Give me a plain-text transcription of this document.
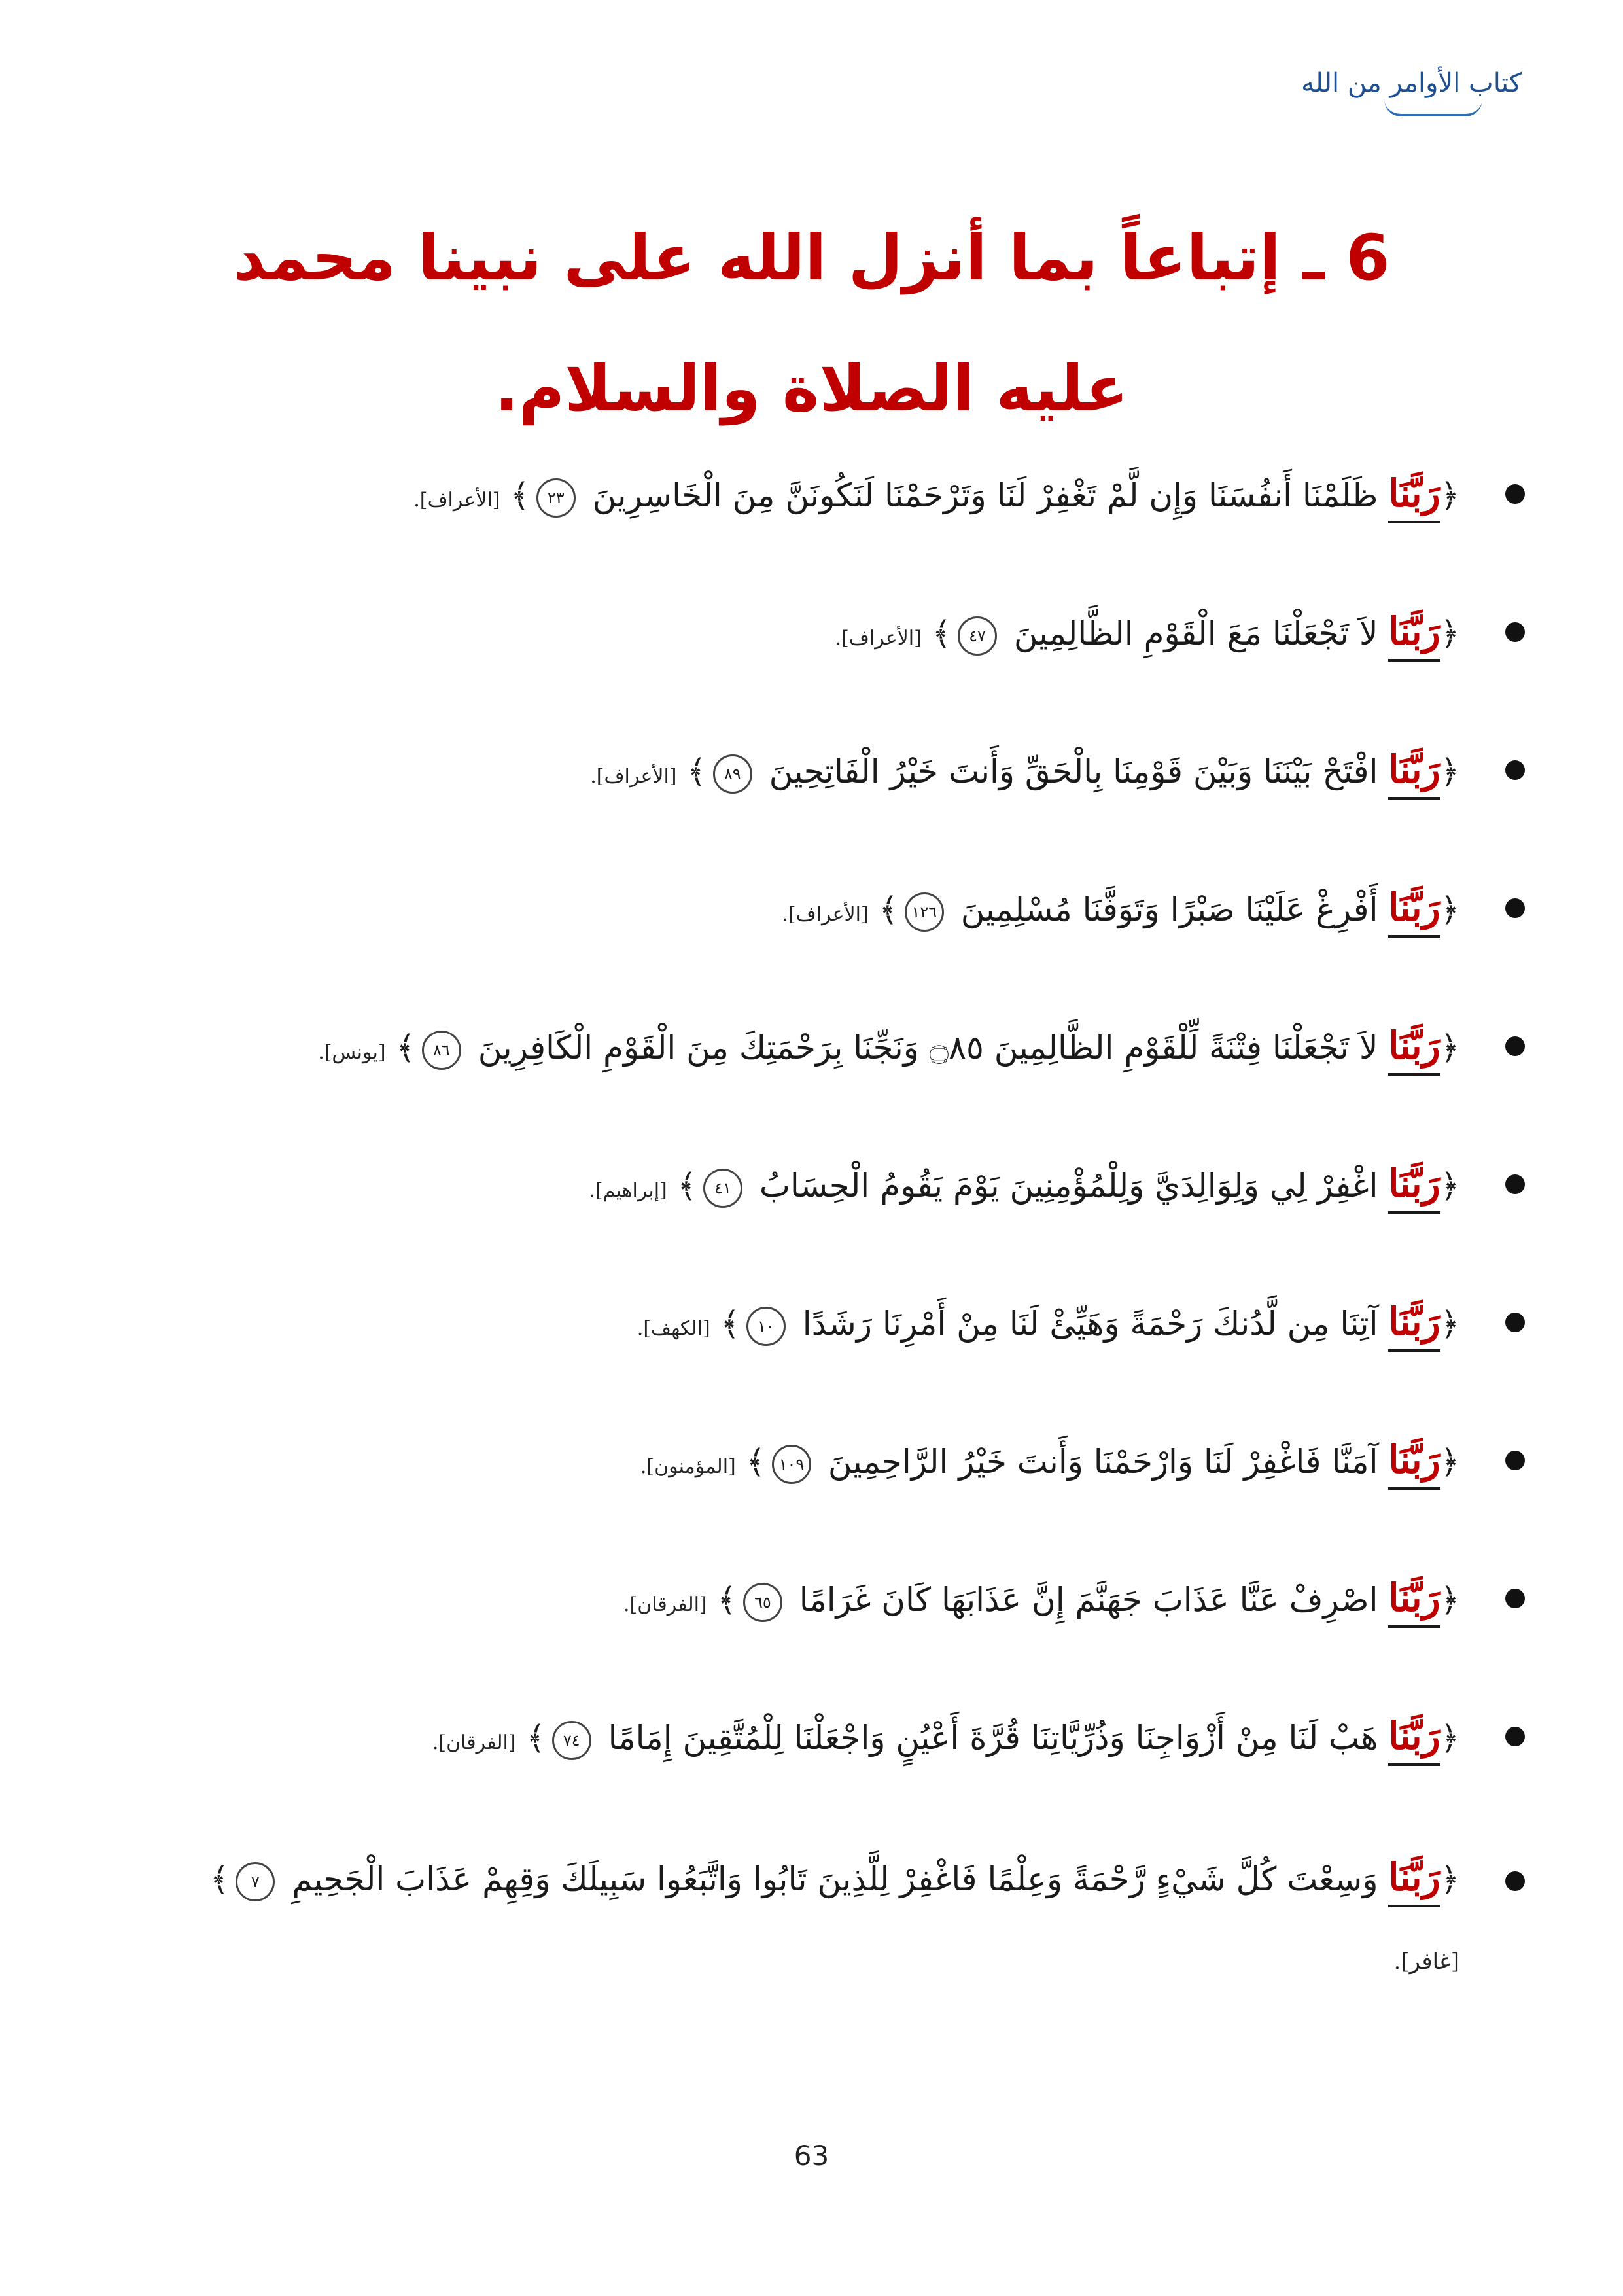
كتاب الأوامر من الله
6 ـ إتباعاً بما أنزل الله على نبينا محمد عليه الصلاة والسلام.
﴿رَبَّنَا ظَلَمْنَا أَنفُسَنَا وَإِن لَّمْ تَغْفِرْ لَنَا وَتَرْحَمْنَا لَنَكُونَنَّ مِنَ الْخَاسِرِينَ ٢٣﴾ [الأعراف].
﴿رَبَّنَا لاَ تَجْعَلْنَا مَعَ الْقَوْمِ الظَّالِمِينَ ٤٧﴾ [الأعراف].
﴿رَبَّنَا افْتَحْ بَيْنَنَا وَبَيْنَ قَوْمِنَا بِالْحَقِّ وَأَنتَ خَيْرُ الْفَاتِحِينَ ٨٩﴾ [الأعراف].
﴿رَبَّنَا أَفْرِغْ عَلَيْنَا صَبْرًا وَتَوَفَّنَا مُسْلِمِينَ ١٢٦﴾ [الأعراف].
﴿رَبَّنَا لاَ تَجْعَلْنَا فِتْنَةً لِّلْقَوْمِ الظَّالِمِينَ ۝٨٥ وَنَجِّنَا بِرَحْمَتِكَ مِنَ الْقَوْمِ الْكَافِرِينَ ٨٦﴾ [يونس].
﴿رَبَّنَا اغْفِرْ لِي وَلِوَالِدَيَّ وَلِلْمُؤْمِنِينَ يَوْمَ يَقُومُ الْحِسَابُ ٤١﴾ [إبراهيم].
﴿رَبَّنَا آتِنَا مِن لَّدُنكَ رَحْمَةً وَهَيِّئْ لَنَا مِنْ أَمْرِنَا رَشَدًا ١٠﴾ [الكهف].
﴿رَبَّنَا آمَنَّا فَاغْفِرْ لَنَا وَارْحَمْنَا وَأَنتَ خَيْرُ الرَّاحِمِينَ ١٠٩﴾ [المؤمنون].
﴿رَبَّنَا اصْرِفْ عَنَّا عَذَابَ جَهَنَّمَ إِنَّ عَذَابَهَا كَانَ غَرَامًا ٦٥﴾ [الفرقان].
﴿رَبَّنَا هَبْ لَنَا مِنْ أَزْوَاجِنَا وَذُرِّيَّاتِنَا قُرَّةَ أَعْيُنٍ وَاجْعَلْنَا لِلْمُتَّقِينَ إِمَامًا ٧٤﴾ [الفرقان].
﴿رَبَّنَا وَسِعْتَ كُلَّ شَيْءٍ رَّحْمَةً وَعِلْمًا فَاغْفِرْ لِلَّذِينَ تَابُوا وَاتَّبَعُوا سَبِيلَكَ وَقِهِمْ عَذَابَ الْجَحِيمِ ٧﴾
[غافر].
63
